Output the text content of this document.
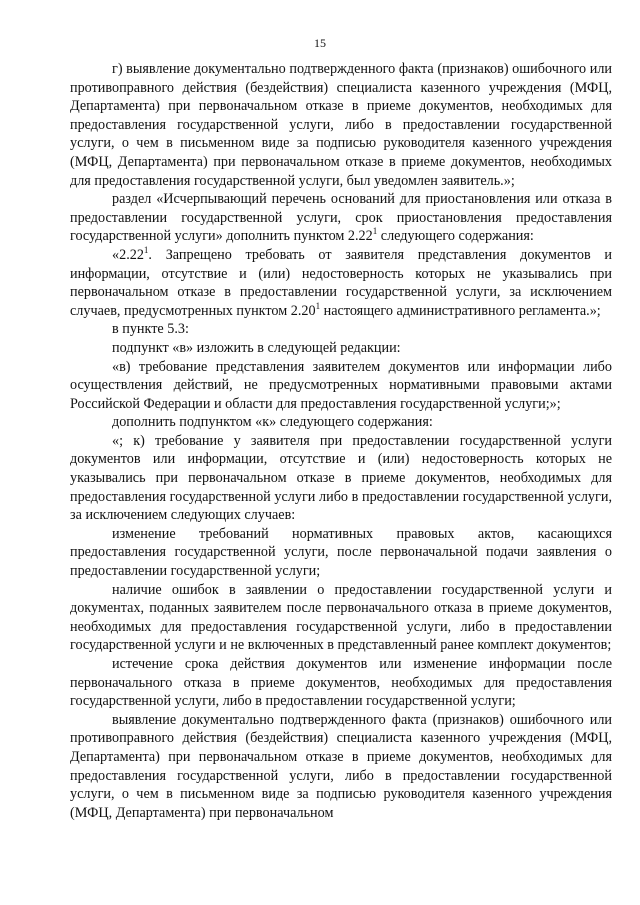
15

г) выявление документально подтвержденного факта (признаков) ошибочного или противоправного действия (бездействия) специалиста казенного учреждения (МФЦ, Департамента) при первоначальном отказе в приеме документов, необходимых для предоставления государственной услуги, либо в предоставлении государственной услуги, о чем в письменном виде за подписью руководителя казенного учреждения (МФЦ, Департамента) при первоначальном отказе в приеме документов, необходимых для предоставления государственной услуги, был уведомлен заявитель.»;

раздел «Исчерпывающий перечень оснований для приостановления или отказа в предоставлении государственной услуги, срок приостановления предоставления государственной услуги» дополнить пунктом 2.22$^1$ следующего содержания:

«2.22$^1$. Запрещено требовать от заявителя представления документов и информации, отсутствие и (или) недостоверность которых не указывались при первоначальном отказе в предоставлении государственной услуги, за исключением случаев, предусмотренных пунктом 2.20$^1$ настоящего административного регламента.»;

в пункте 5.3:

подпункт «в» изложить в следующей редакции:

«в) требование представления заявителем документов или информации либо осуществления действий, не предусмотренных нормативными правовыми актами Российской Федерации и области для предоставления государственной услуги;»;

дополнить подпунктом «к» следующего содержания:

«; к) требование у заявителя при предоставлении государственной услуги документов или информации, отсутствие и (или) недостоверность которых не указывались при первоначальном отказе в приеме документов, необходимых для предоставления государственной услуги либо в предоставлении государственной услуги, за исключением следующих случаев:

изменение требований нормативных правовых актов, касающихся предоставления государственной услуги, после первоначальной подачи заявления о предоставлении государственной услуги;

наличие ошибок в заявлении о предоставлении государственной услуги и документах, поданных заявителем после первоначального отказа в приеме документов, необходимых для предоставления государственной услуги, либо в предоставлении государственной услуги и не включенных в представленный ранее комплект документов;

истечение срока действия документов или изменение информации после первоначального отказа в приеме документов, необходимых для предоставления государственной услуги, либо в предоставлении государственной услуги;

выявление документально подтвержденного факта (признаков) ошибочного или противоправного действия (бездействия) специалиста казенного учреждения (МФЦ, Департамента) при первоначальном отказе в приеме документов, необходимых для предоставления государственной услуги, либо в предоставлении государственной услуги, о чем в письменном виде за подписью руководителя казенного учреждения (МФЦ, Департамента) при первоначальном
